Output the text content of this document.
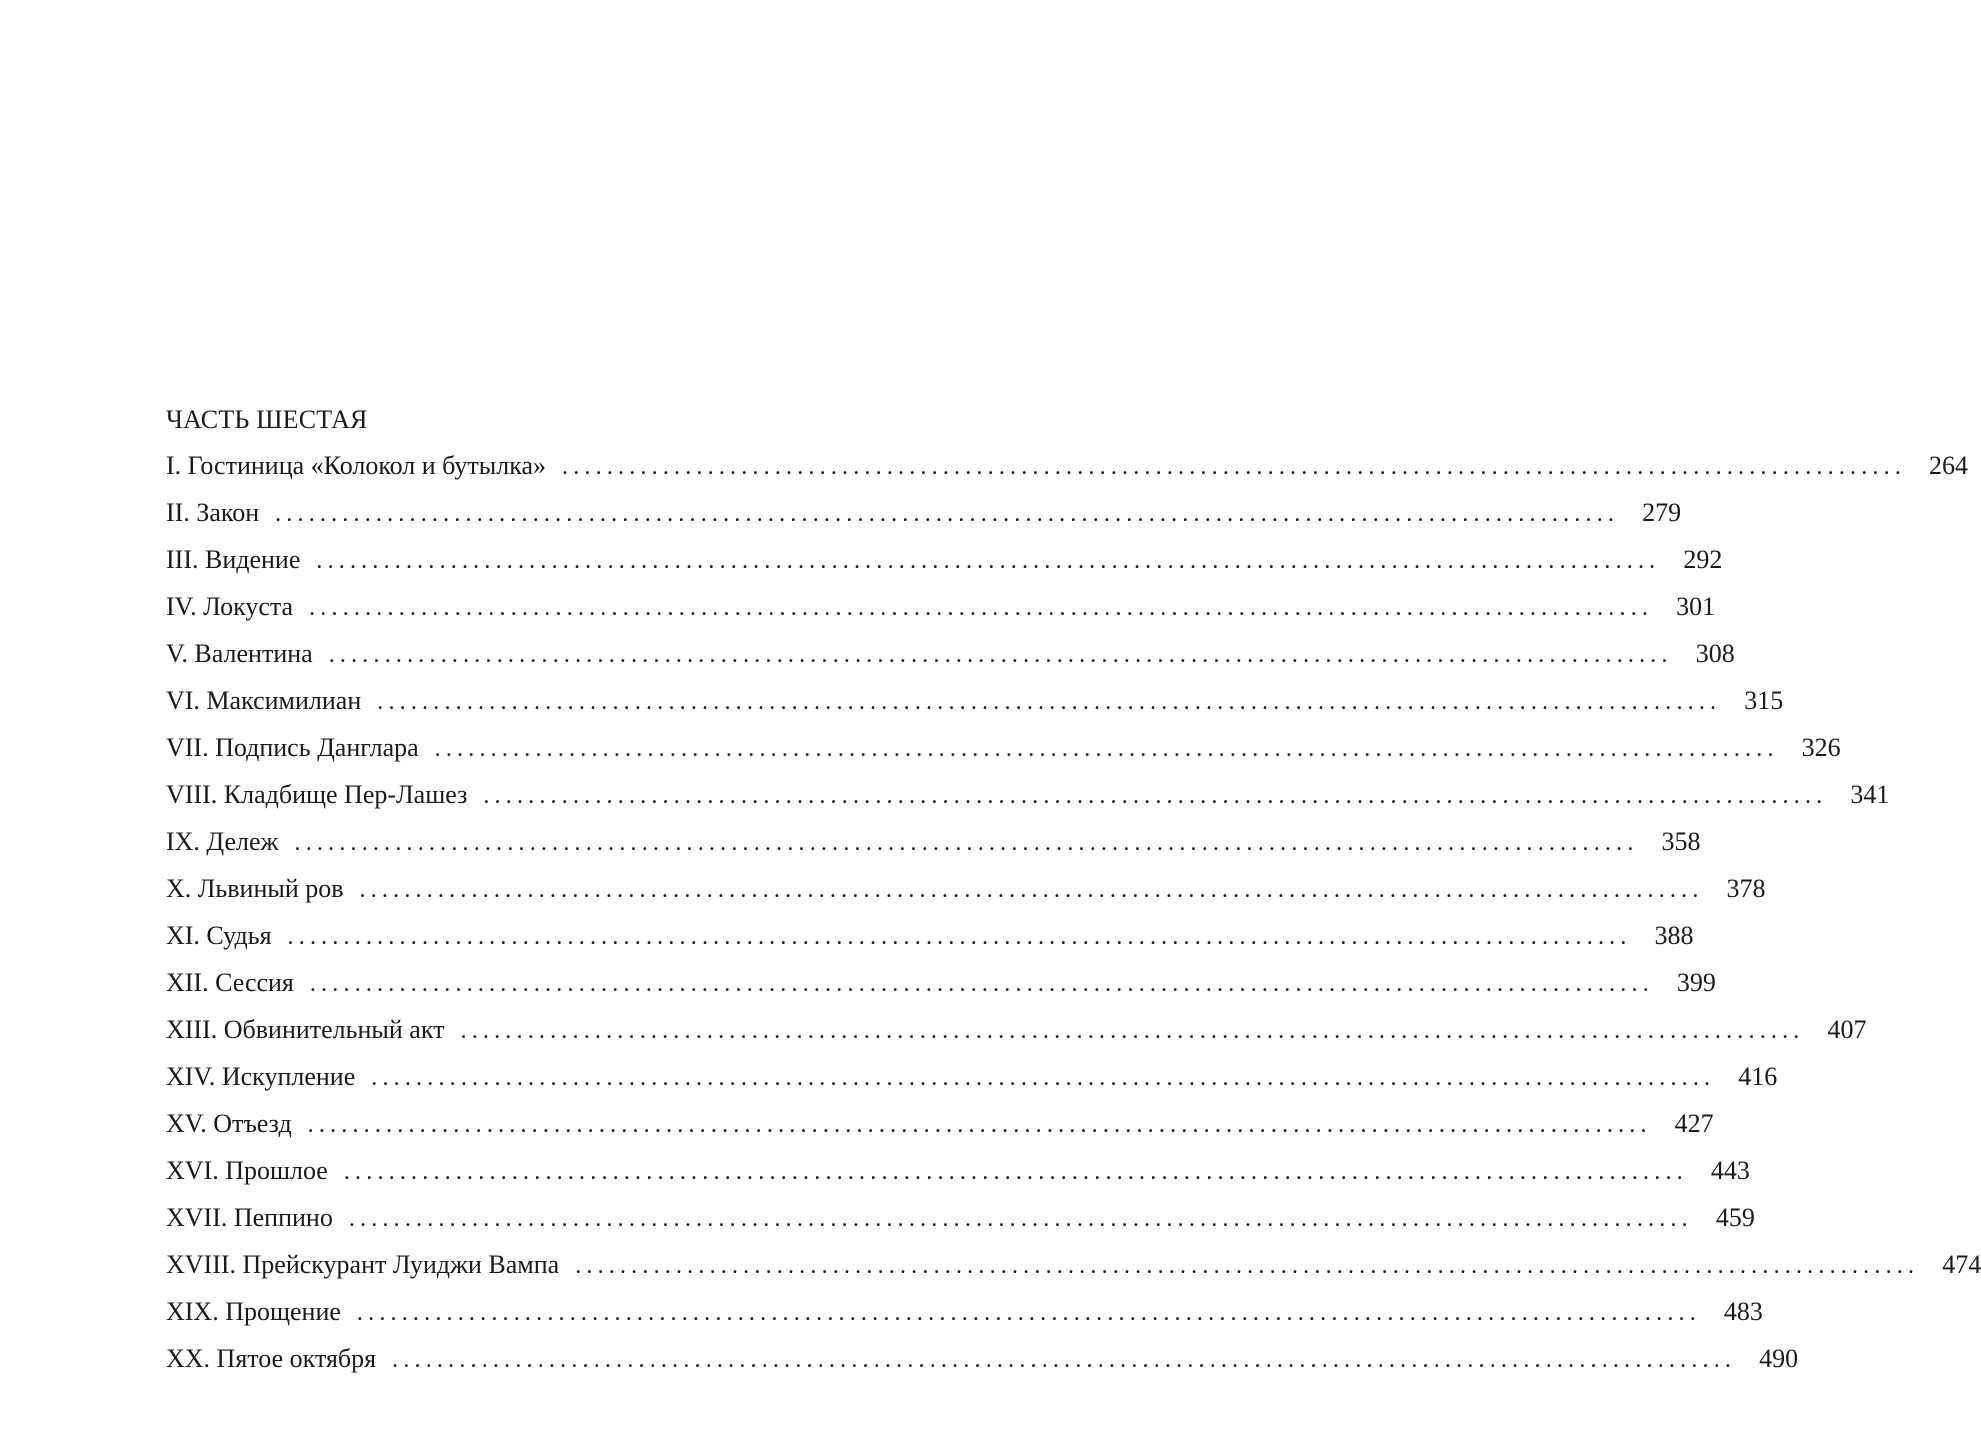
ЧАСТЬ ШЕСТАЯ
I. Гостиница «Колокол и бутылка» ........................................................................................................................ 264
II. Закон ........................................................................................................................ 279
III. Видение ........................................................................................................................ 292
IV. Локуста ........................................................................................................................ 301
V. Валентина ........................................................................................................................ 308
VI. Максимилиан ........................................................................................................................ 315
VII. Подпись Данглара ........................................................................................................................ 326
VIII. Кладбище Пер-Лашез ........................................................................................................................ 341
IX. Дележ ........................................................................................................................ 358
X. Львиный ров ........................................................................................................................ 378
XI. Судья ........................................................................................................................ 388
XII. Сессия ........................................................................................................................ 399
XIII. Обвинительный акт ........................................................................................................................ 407
XIV. Искупление ........................................................................................................................ 416
XV. Отъезд ........................................................................................................................ 427
XVI. Прошлое ........................................................................................................................ 443
XVII. Пеппино ........................................................................................................................ 459
XVIII. Прейскурант Луиджи Вампа ........................................................................................................................ 474
XIX. Прощение ........................................................................................................................ 483
XX. Пятое октября ........................................................................................................................ 490
